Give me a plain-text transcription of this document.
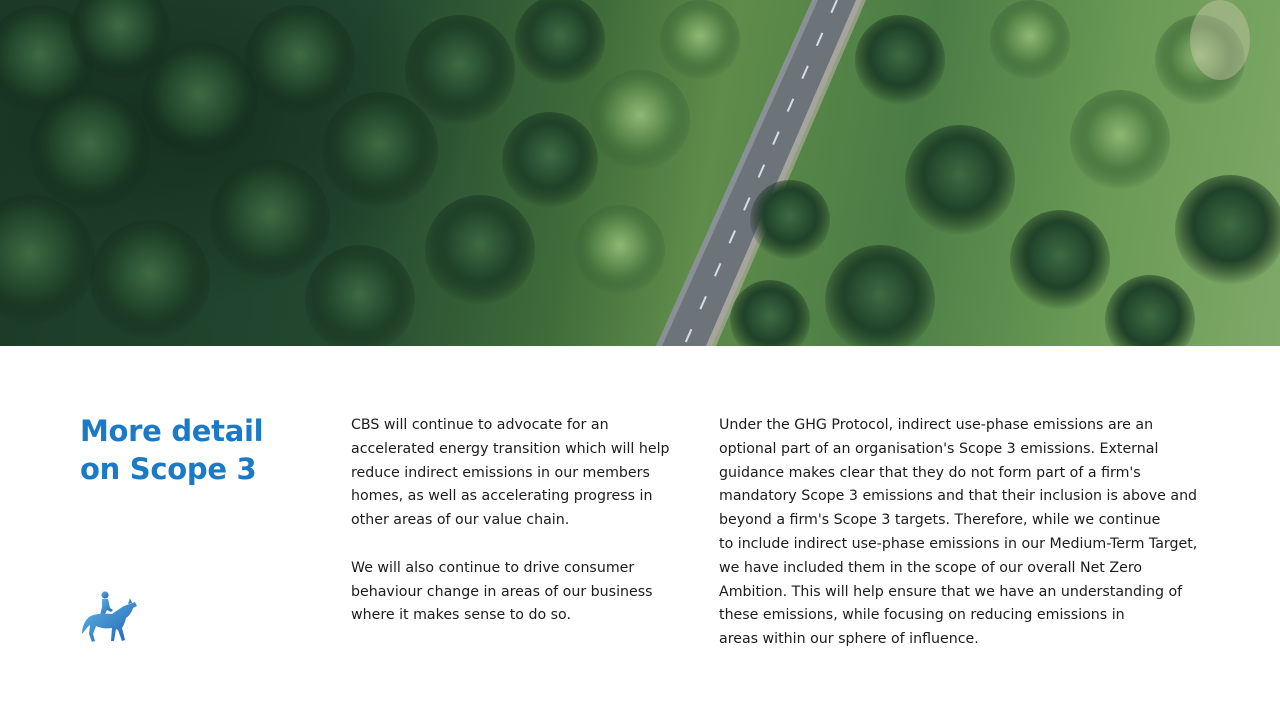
More detail
on Scope 3

CBS will continue to advocate for an
accelerated energy transition which will help
reduce indirect emissions in our members
homes, as well as accelerating progress in
other areas of our value chain.

We will also continue to drive consumer
behaviour change in areas of our business
where it makes sense to do so.

Under the GHG Protocol, indirect use-phase emissions are an
optional part of an organisation's Scope 3 emissions. External
guidance makes clear that they do not form part of a firm's
mandatory Scope 3 emissions and that their inclusion is above and
beyond a firm's Scope 3 targets. Therefore, while we continue
to include indirect use-phase emissions in our Medium-Term Target,
we have included them in the scope of our overall Net Zero
Ambition. This will help ensure that we have an understanding of
these emissions, while focusing on reducing emissions in
areas within our sphere of influence.
